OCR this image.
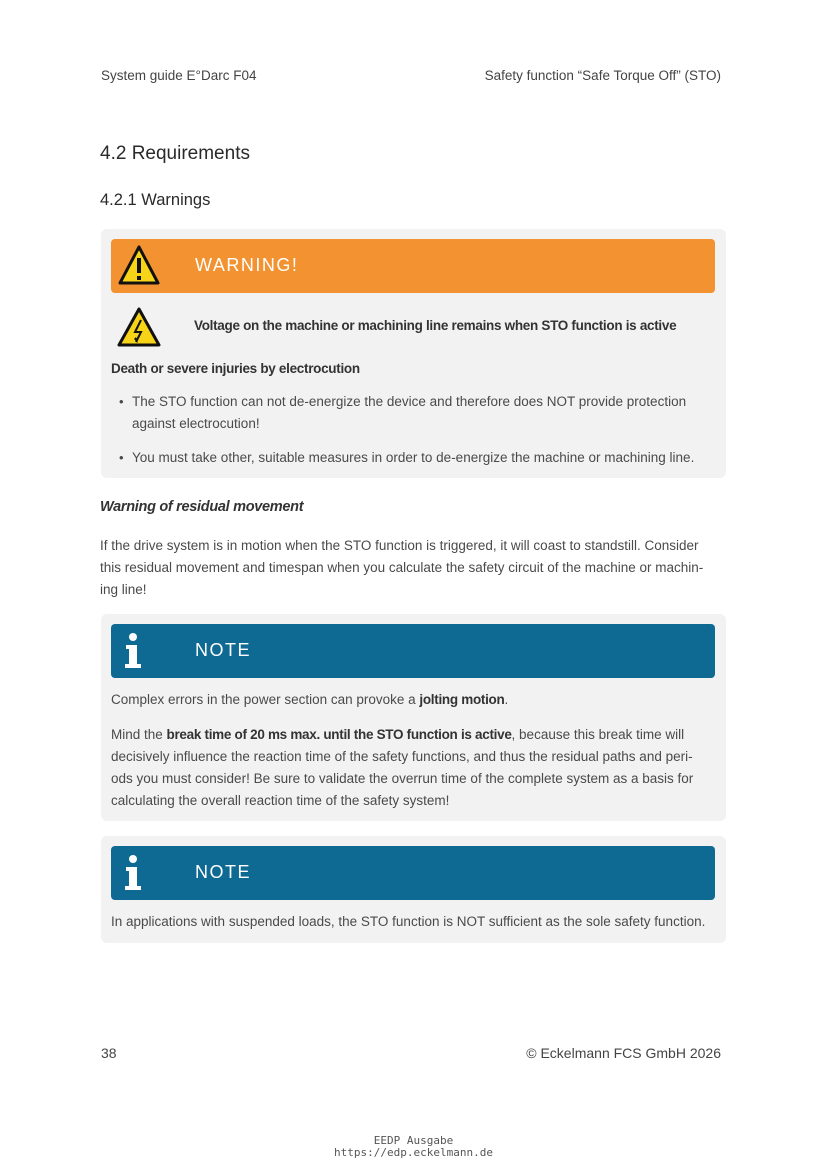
System guide E°Darc F04	Safety function “Safe Torque Off” (STO)
4.2 Requirements
4.2.1 Warnings
WARNING!
Voltage on the machine or machining line remains when STO function is active
Death or severe injuries by electrocution
• The STO function can not de-energize the device and therefore does NOT provide protection
against electrocution!
• You must take other, suitable measures in order to de-energize the machine or machining line.
Warning of residual movement
If the drive system is in motion when the STO function is triggered, it will coast to standstill. Consider
this residual movement and timespan when you calculate the safety circuit of the machine or machin-
ing line!
NOTE
Complex errors in the power section can provoke a jolting motion.
Mind the break time of 20 ms max. until the STO function is active, because this break time will
decisively influence the reaction time of the safety functions, and thus the residual paths and peri-
ods you must consider! Be sure to validate the overrun time of the complete system as a basis for
calculating the overall reaction time of the safety system!
NOTE
In applications with suspended loads, the STO function is NOT sufficient as the sole safety function.
38	© Eckelmann FCS GmbH 2026
EEDP Ausgabe
https://edp.eckelmann.de
